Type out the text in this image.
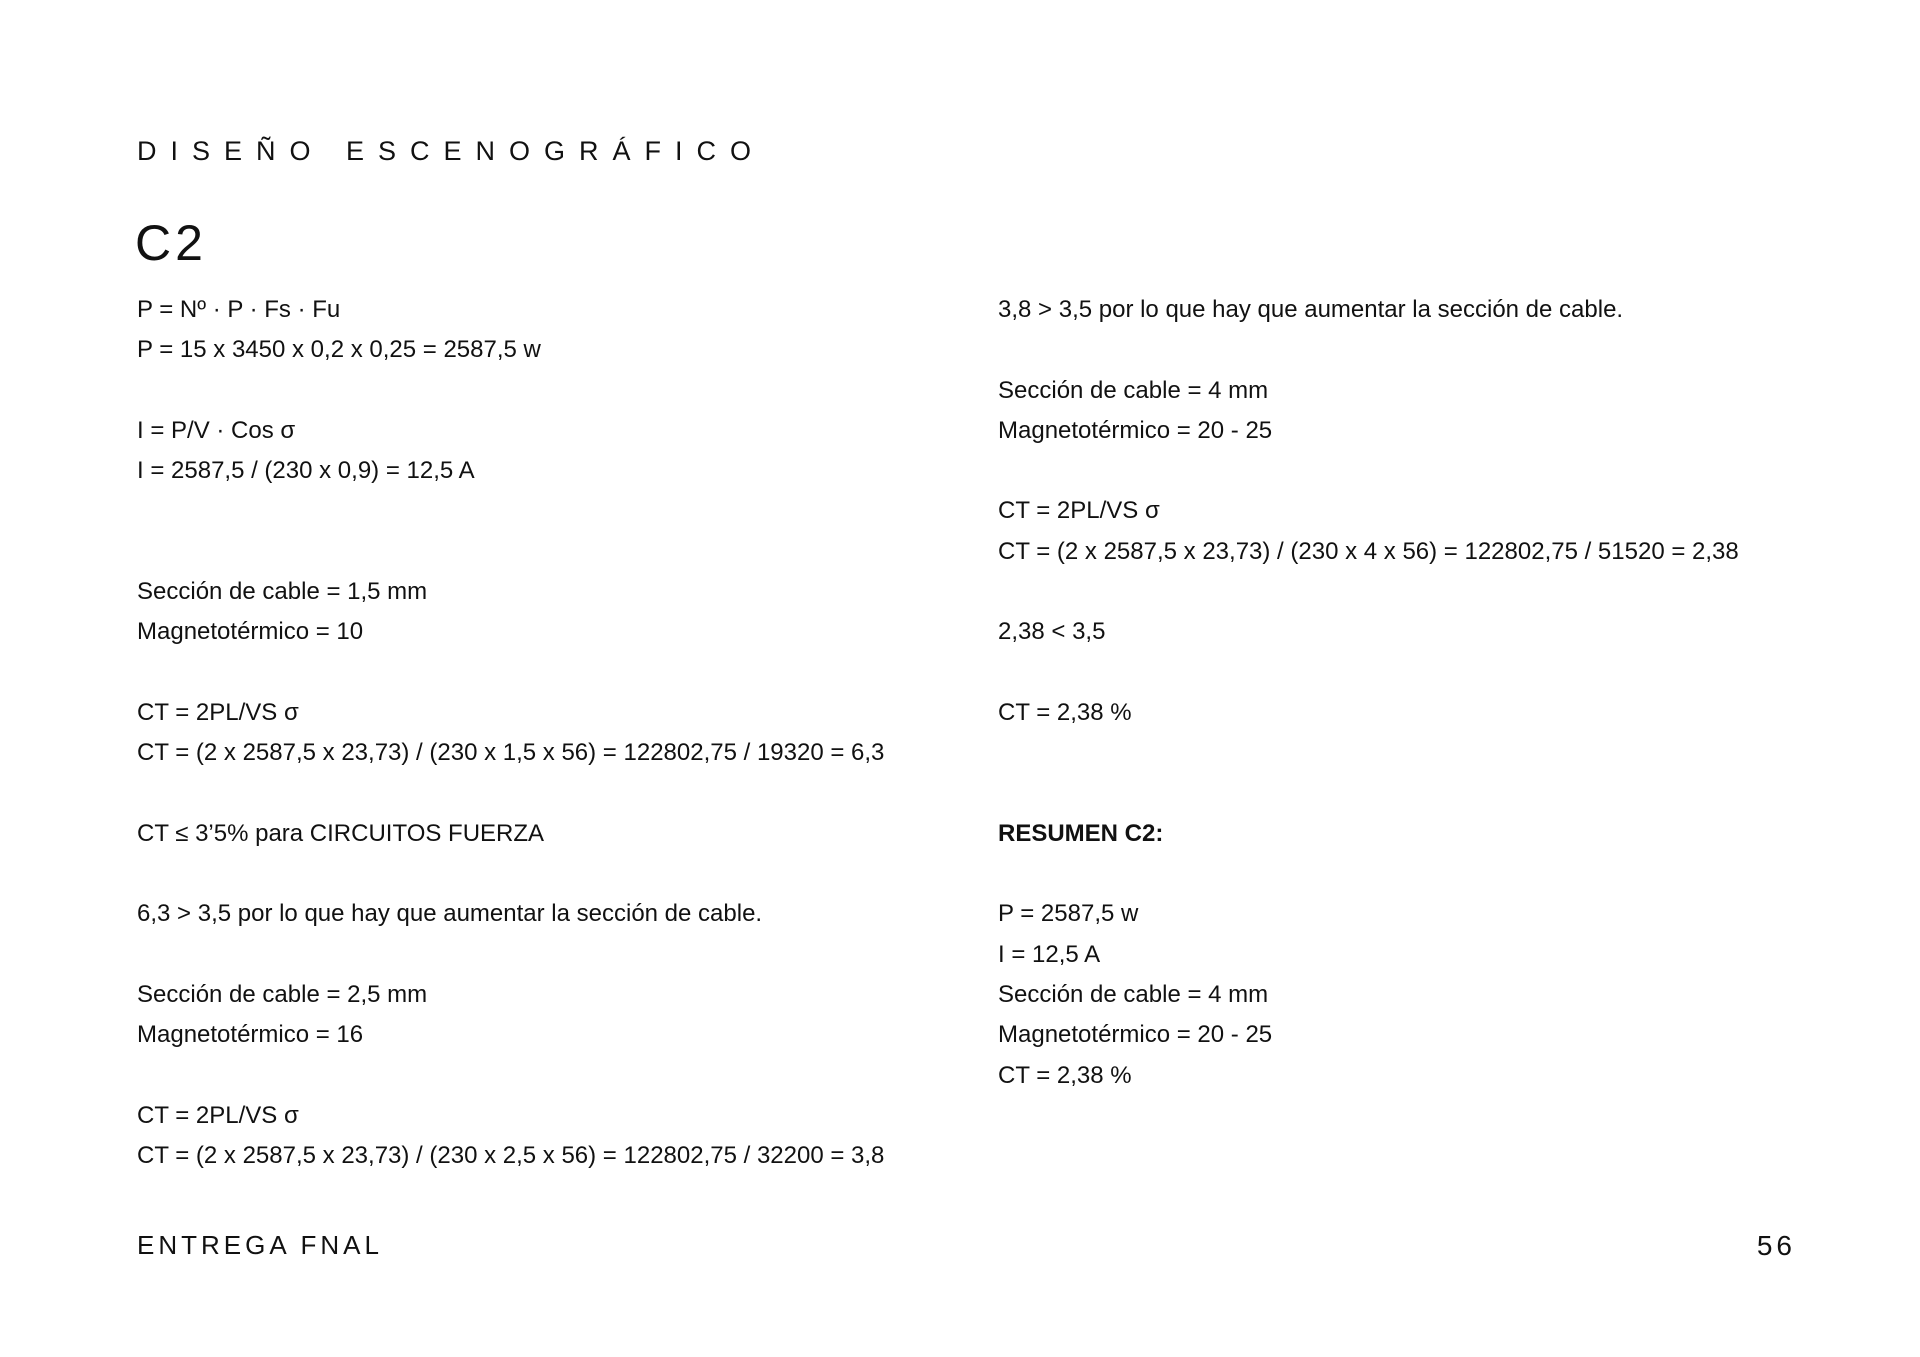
DISEÑO ESCENOGRÁFICO
C2
P = Nº · P · Fs · Fu
P = 15 x 3450 x 0,2 x 0,25 = 2587,5 w
I = P/V · Cos σ
I = 2587,5 / (230 x 0,9) = 12,5 A
Sección de cable = 1,5 mm
Magnetotérmico = 10
CT = 2PL/VS σ
CT = (2 x 2587,5 x 23,73) / (230 x 1,5 x 56) = 122802,75 / 19320 = 6,3
CT ≤ 3’5% para CIRCUITOS FUERZA
6,3 > 3,5 por lo que hay que aumentar la sección de cable.
Sección de cable = 2,5 mm
Magnetotérmico = 16
CT = 2PL/VS σ
CT = (2 x 2587,5 x 23,73) / (230 x 2,5 x 56) = 122802,75 / 32200 = 3,8
3,8 > 3,5 por lo que hay que aumentar la sección de cable.
Sección de cable = 4 mm
Magnetotérmico = 20 - 25
CT = 2PL/VS σ
CT = (2 x 2587,5 x 23,73) / (230 x 4 x 56) = 122802,75 / 51520 = 2,38
2,38 < 3,5
CT = 2,38 %
RESUMEN C2:
P = 2587,5 w
I = 12,5 A
Sección de cable = 4 mm
Magnetotérmico = 20 - 25
CT = 2,38 %
ENTREGA FNAL	56
